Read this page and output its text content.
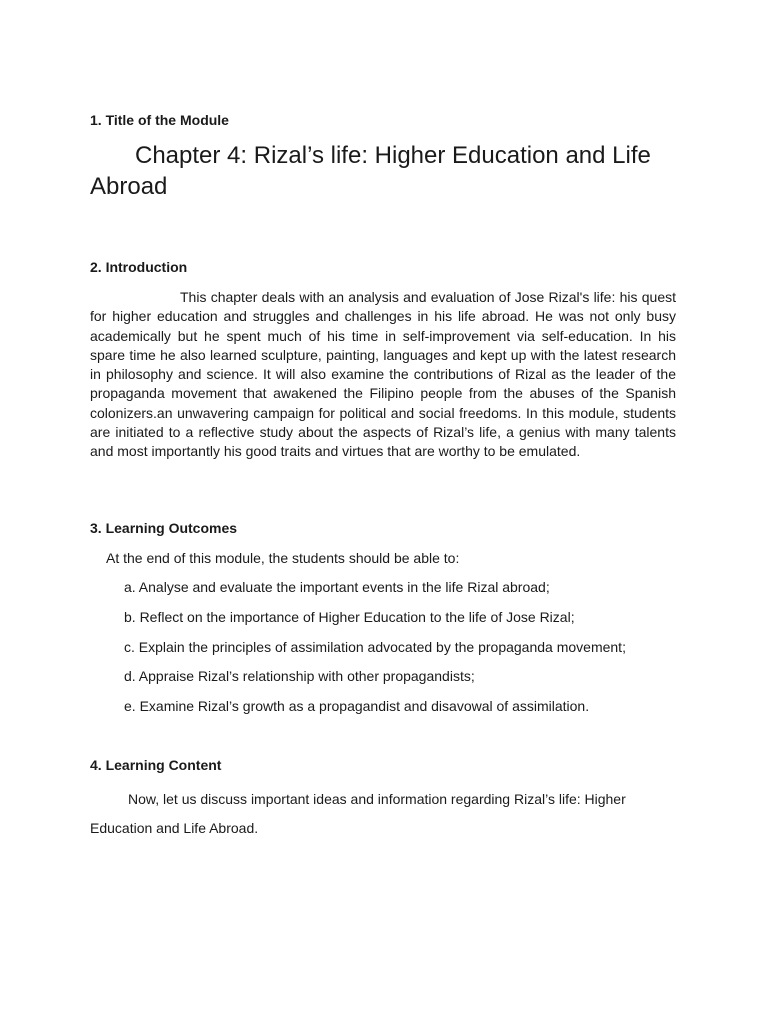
1. Title of the Module
Chapter 4: Rizal’s life: Higher Education and Life Abroad
2. Introduction

This chapter deals with an analysis and evaluation of Jose Rizal's life: his quest for higher education and struggles and challenges in his life abroad. He was not only busy academically but he spent much of his time in self-improvement via self-education. In his spare time he also learned sculpture, painting, languages and kept up with the latest research in philosophy and science. It will also examine the contributions of Rizal as the leader of the propaganda movement that awakened the Filipino people from the abuses of the Spanish colonizers.an unwavering campaign for political and social freedoms. In this module, students are initiated to a reflective study about the aspects of Rizal’s life, a genius with many talents and most importantly his good traits and virtues that are worthy to be emulated.

3. Learning Outcomes

At the end of this module, the students should be able to:

a. Analyse and evaluate the important events in the life Rizal abroad;

b. Reflect on the importance of Higher Education to the life of Jose Rizal;

c. Explain the principles of assimilation advocated by the propaganda movement;

d. Appraise Rizal’s relationship with other propagandists;

e. Examine Rizal’s growth as a propagandist and disavowal of assimilation.

4. Learning Content

Now, let us discuss important ideas and information regarding Rizal’s life: Higher Education and Life Abroad.
